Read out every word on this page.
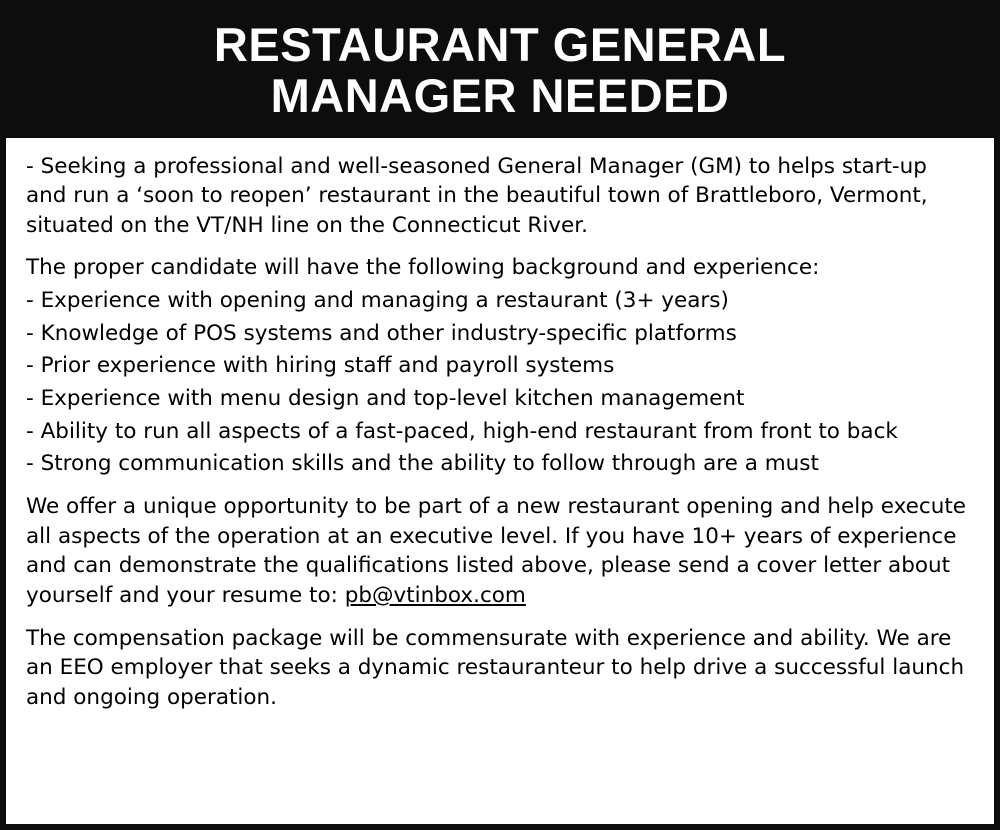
RESTAURANT GENERAL
MANAGER NEEDED

- Seeking a professional and well-seasoned General Manager (GM) to helps start-up and run a ‘soon to reopen’ restaurant in the beautiful town of Brattleboro, Vermont, situated on the VT/NH line on the Connecticut River.

The proper candidate will have the following background and experience:

- Experience with opening and managing a restaurant (3+ years)
- Knowledge of POS systems and other industry-specific platforms
- Prior experience with hiring staff and payroll systems
- Experience with menu design and top-level kitchen management
- Ability to run all aspects of a fast-paced, high-end restaurant from front to back
- Strong communication skills and the ability to follow through are a must

We offer a unique opportunity to be part of a new restaurant opening and help execute all aspects of the operation at an executive level. If you have 10+ years of experience and can demonstrate the qualifications listed above, please send a cover letter about yourself and your resume to: pb@vtinbox.com

The compensation package will be commensurate with experience and ability. We are an EEO employer that seeks a dynamic restauranteur to help drive a successful launch and ongoing operation.
